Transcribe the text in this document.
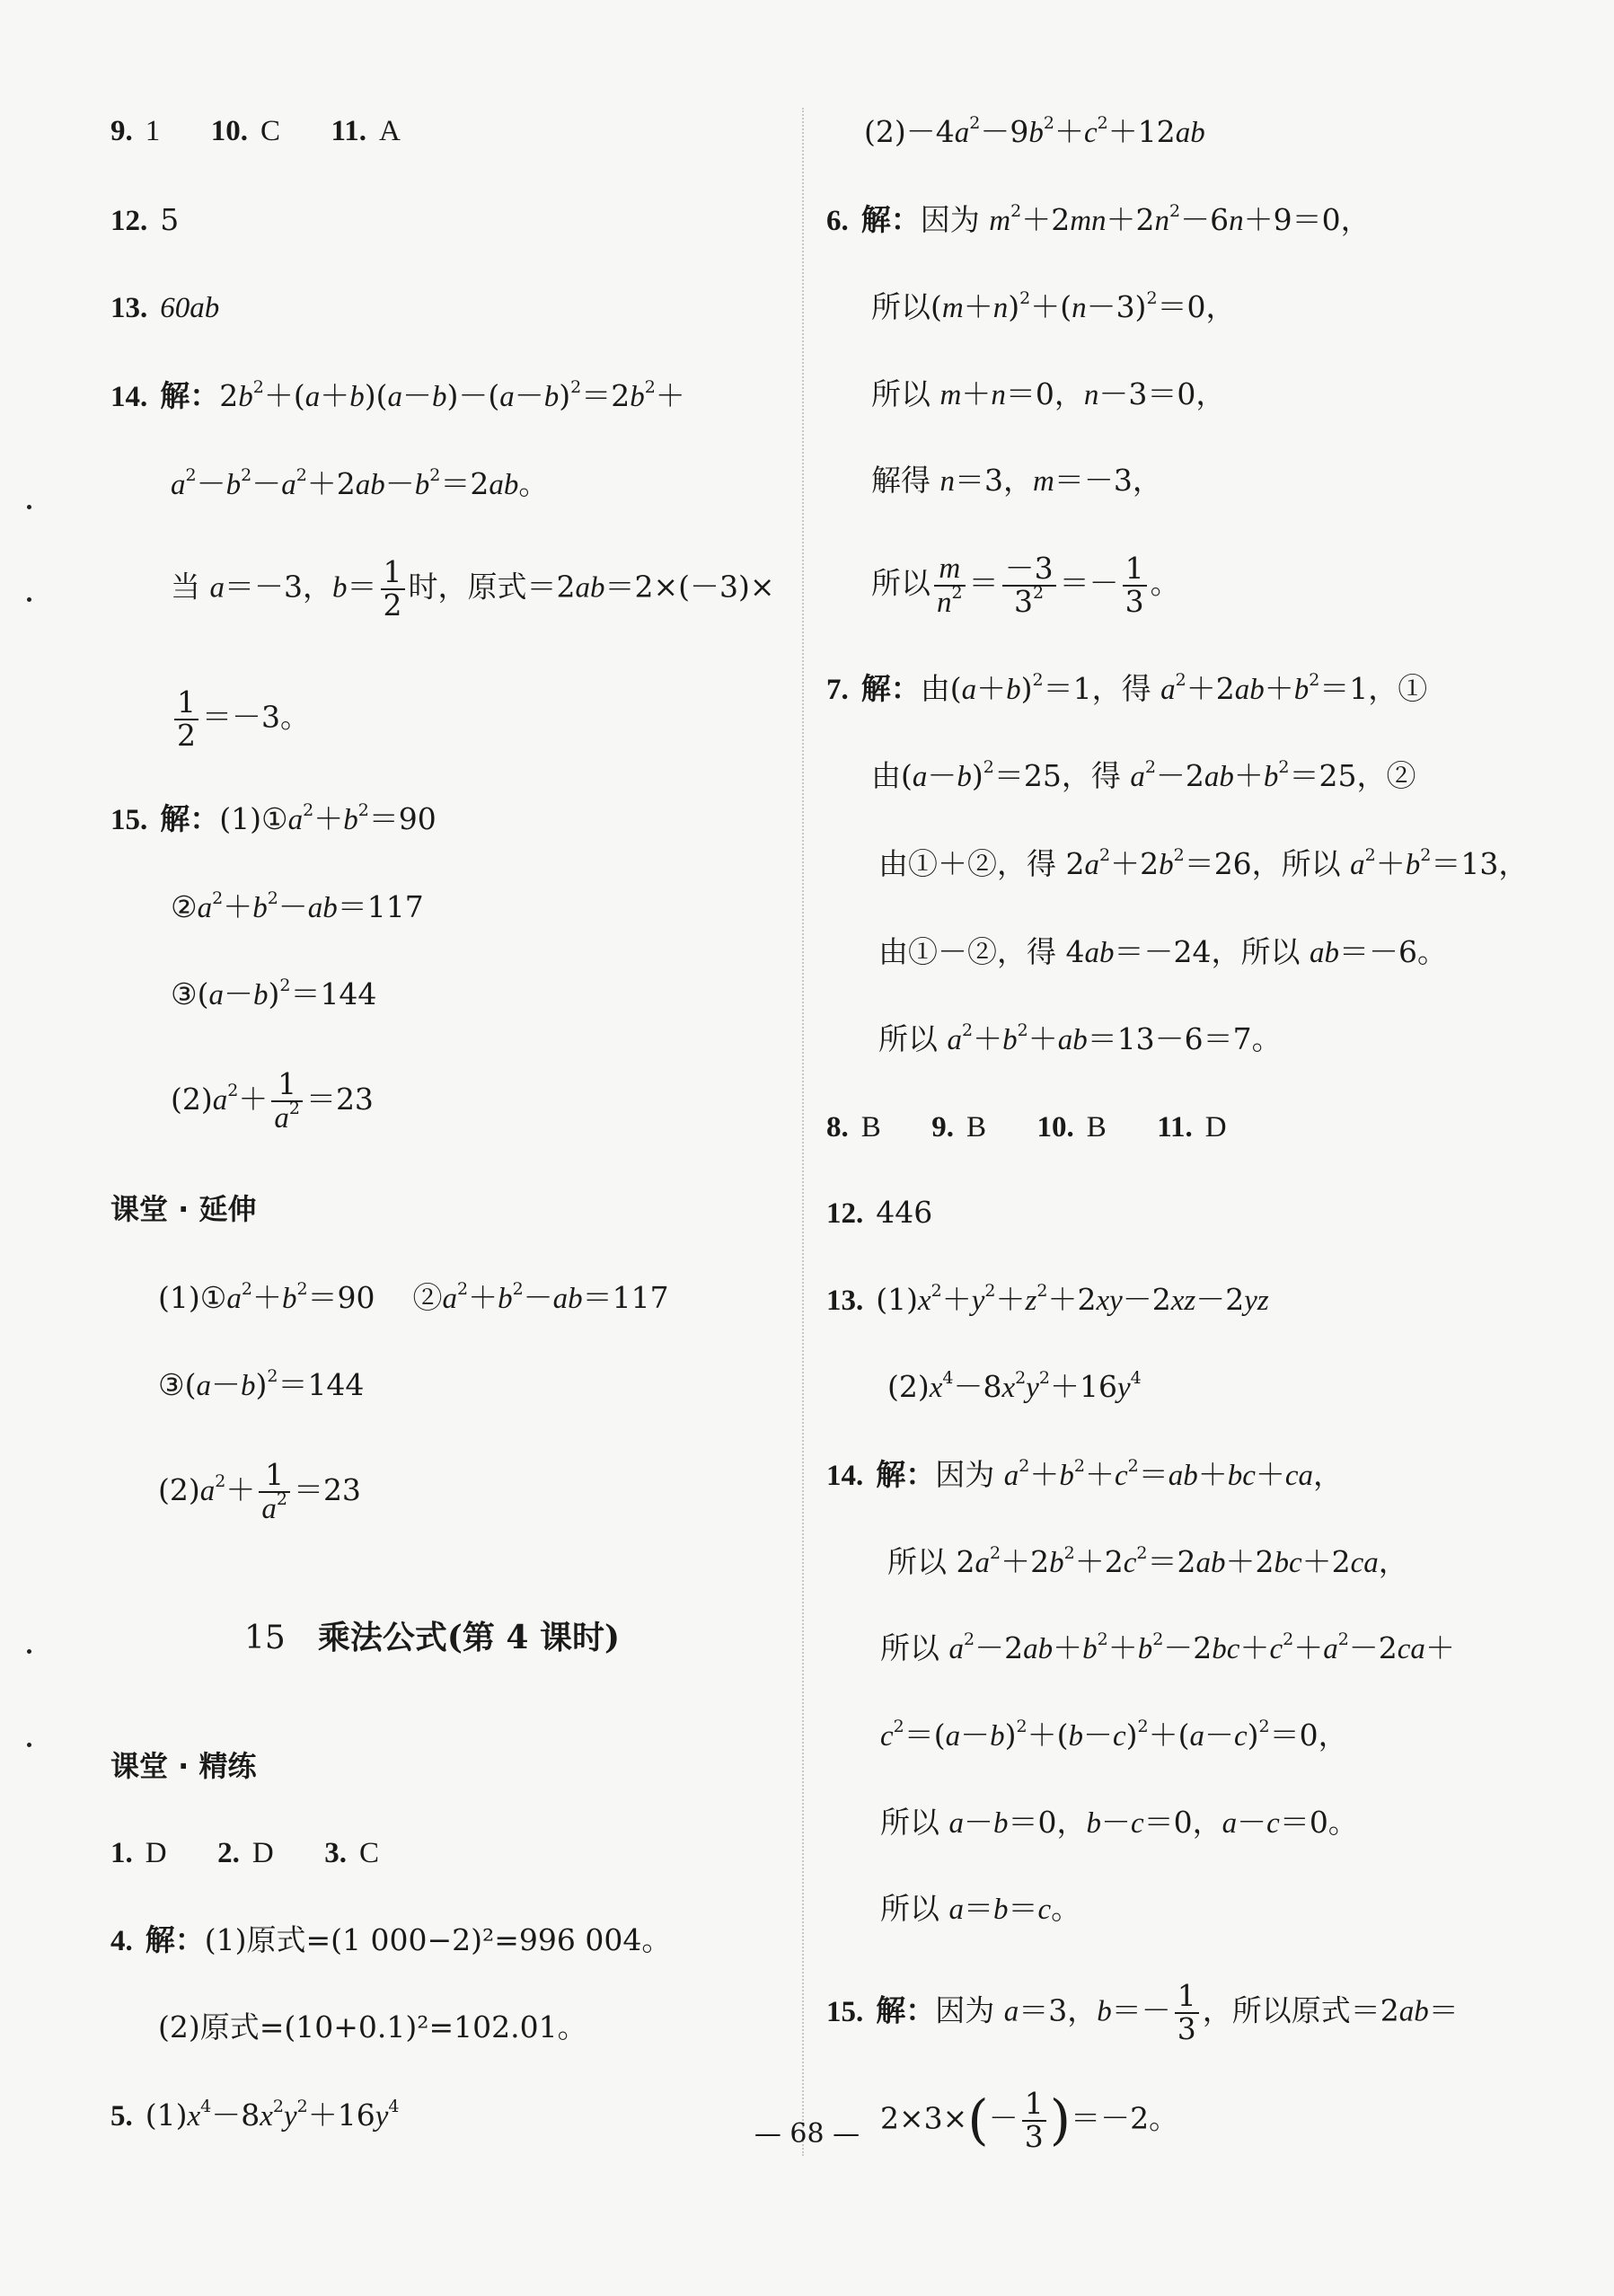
9. 1 10. C 11. A
12. 5
13. 60ab
14. 解：$2b^2+(a+b)(a-b)-(a-b)^2=2b^2+$
$a^2-b^2-a^2+2ab-b^2=2ab$。
当 a＝－3，$b= \frac{1}{2}$ 时，原式＝2ab＝2×(－3)×
$\frac{1}{2} =-3$。
15. 解：$(1)①a^2+b^2=90$
$②a^2+b^2-ab=117$
$③(a-b)^2=144$
$(2)a^2+ \frac{1}{a^2} =23$
课堂 · 延伸
$(1)①a^2+b^2=90$    $②a^2+b^2-ab=117$
$③(a-b)^2=144$
$(2)a^2+ \frac{1}{a^2} =23$
15 乘法公式(第 4 课时)
课堂 · 精练
1. D 2. D 3. C
4. 解：(1)原式=(1 000−2)²=996 004。
(2)原式=(10+0.1)²=102.01。
5. $(1)x^4-8x^2y^2+16y^4$
$(2)-4a^2-9b^2+c^2+12ab$
6. 解：因为 $m^2+2mn+2n^2-6n+9=0$，
所以$(m+n)^2+(n-3)^2=0$，
所以 m＋n＝0，n－3＝0，
解得 n＝3，m＝－3，
所以 $\frac{m}{n^2} = \frac{-3}{3^2} =- \frac{1}{3}$ 。
7. 解：由$(a+b)^2=1$，得 $a^2+2ab+b^2=1$，①
由$(a-b)^2=25$，得 $a^2-2ab+b^2=25$，②
由①＋②，得 $2a^2+2b^2=26$，所以 $a^2+b^2=13$，
由①－②，得 4ab＝－24，所以 ab＝－6。
所以 $a^2+b^2+ab=13-6=7$。
8. B 9. B 10. B 11. D
12. 446
13. $(1)x^2+y^2+z^2+2xy-2xz-2yz$
$(2)x^4-8x^2y^2+16y^4$
14. 解：因为 $a^2+b^2+c^2=ab+bc+ca$，
所以 $2a^2+2b^2+2c^2=2ab+2bc+2ca$，
所以 $a^2-2ab+b^2+b^2-2bc+c^2+a^2-2ca+$
$c^2=(a-b)^2+(b-c)^2+(a-c)^2=0$，
所以 a－b＝0，b－c＝0，a－c＝0。
所以 a＝b＝c。
15. 解：因为 a＝3，$b=- \frac{1}{3}$ ，所以原式＝2ab＝
$2\times 3\times(- \frac{1}{3} )=-2$。
— 68 —
